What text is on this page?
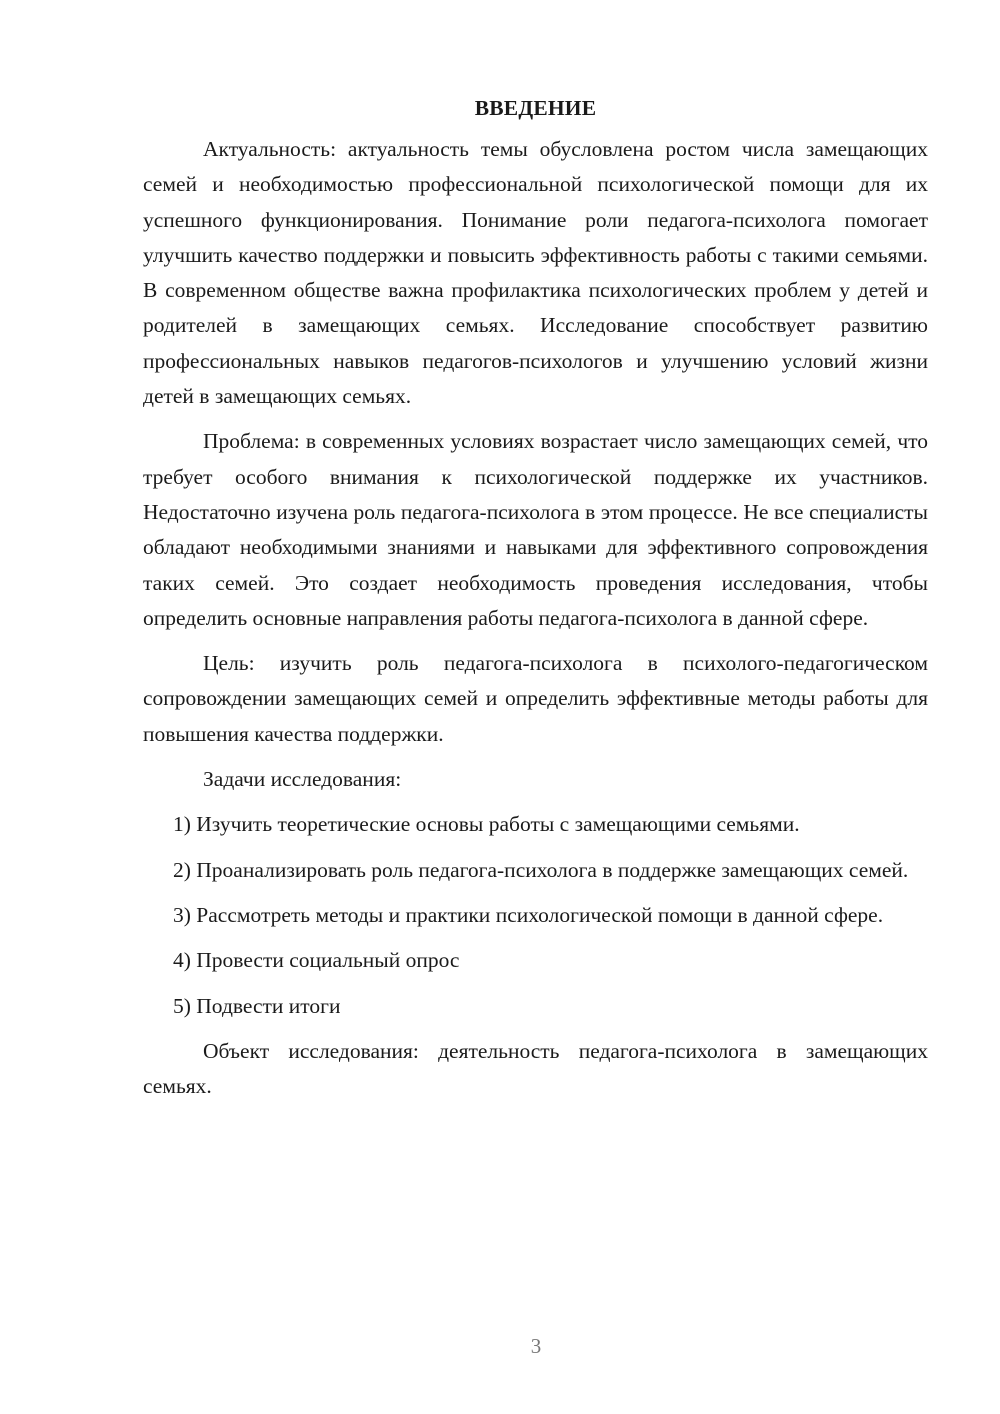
ВВЕДЕНИЕ

Актуальность: актуальность темы обусловлена ростом числа замещающих семей и необходимостью профессиональной психологической помощи для их успешного функционирования. Понимание роли педагога-психолога помогает улучшить качество поддержки и повысить эффективность работы с такими семьями. В современном обществе важна профилактика психологических проблем у детей и родителей в замещающих семьях. Исследование способствует развитию профессиональных навыков педагогов-психологов и улучшению условий жизни детей в замещающих семьях.

Проблема: в современных условиях возрастает число замещающих семей, что требует особого внимания к психологической поддержке их участников. Недостаточно изучена роль педагога-психолога в этом процессе. Не все специалисты обладают необходимыми знаниями и навыками для эффективного сопровождения таких семей. Это создает необходимость проведения исследования, чтобы определить основные направления работы педагога-психолога в данной сфере.

Цель: изучить роль педагога-психолога в психолого-педагогическом сопровождении замещающих семей и определить эффективные методы работы для повышения качества поддержки.

Задачи исследования:

1) Изучить теоретические основы работы с замещающими семьями.

2) Проанализировать роль педагога-психолога в поддержке замещающих семей.

3) Рассмотреть методы и практики психологической помощи в данной сфере.

4) Провести социальный опрос

5) Подвести итоги

Объект исследования: деятельность педагога-психолога в замещающих семьях.

3
